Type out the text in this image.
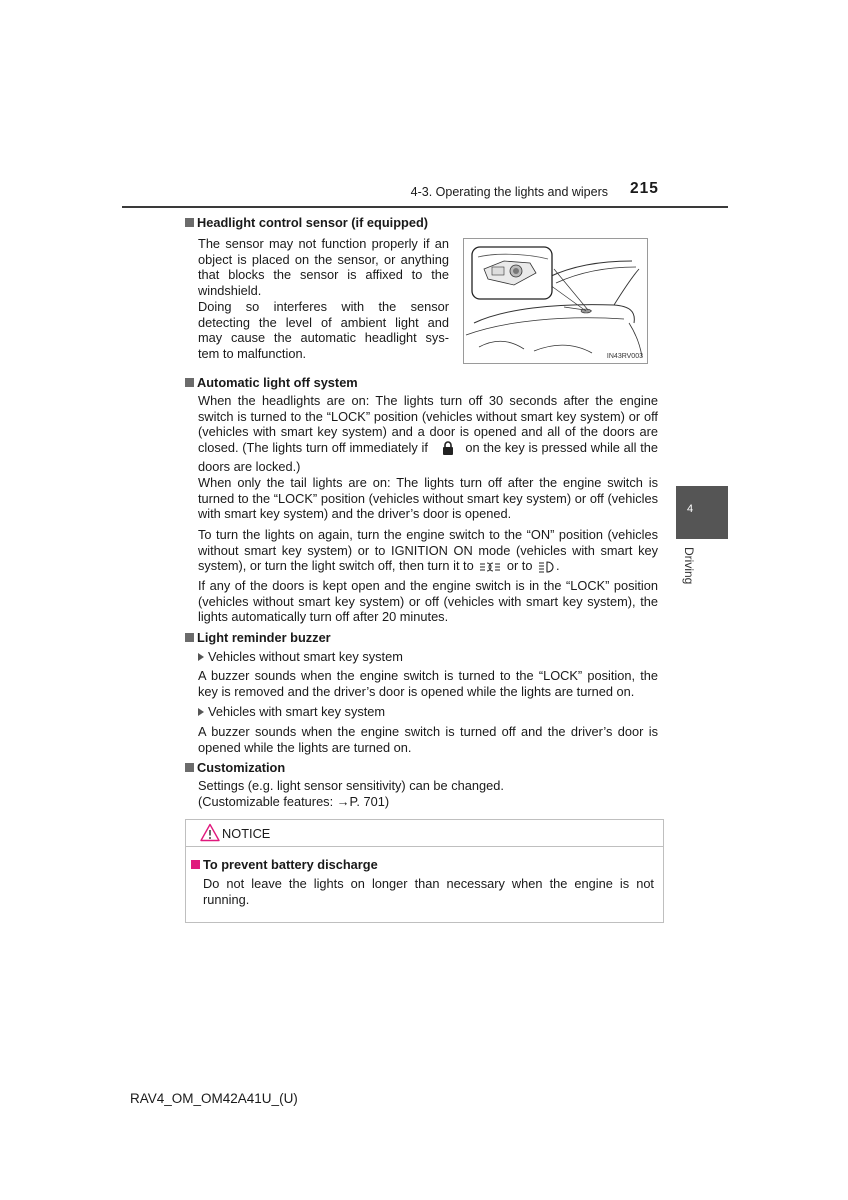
4-3. Operating the lights and wipers 215
4
Driving
Headlight control sensor (if equipped)
The sensor may not function properly if an
object is placed on the sensor, or anything
that blocks the sensor is affixed to the
windshield.
Doing so interferes with the sensor
detecting the level of ambient light and
may cause the automatic headlight sys-
tem to malfunction.	IN43RV003
Automatic light off system
When the headlights are on: The lights turn off 30 seconds after the engine switch is turned to the “LOCK” position (vehicles without smart key system) or off (vehicles with smart key system) and a door is opened and all of the doors are closed. (The lights turn off immediately if	on the key is pressed while all the doors are locked.)
When only the tail lights are on: The lights turn off after the engine switch is turned to the “LOCK” position (vehicles without smart key system) or off (vehicles with smart key system) and the driver’s door is opened.
To turn the lights on again, turn the engine switch to the “ON” position (vehicles without smart key system) or to IGNITION ON mode (vehicles with smart key system), or turn the light switch off, then turn it to	or to .
If any of the doors is kept open and the engine switch is in the “LOCK” position (vehicles without smart key system) or off (vehicles with smart key system), the lights automatically turn off after 20 minutes.
Light reminder buzzer
Vehicles without smart key system
A buzzer sounds when the engine switch is turned to the “LOCK” position, the key is removed and the driver’s door is opened while the lights are turned on.
Vehicles with smart key system
A buzzer sounds when the engine switch is turned off and the driver’s door is opened while the lights are turned on.
Customization
Settings (e.g. light sensor sensitivity) can be changed.
(Customizable features: →P. 701)
NOTICE
To prevent battery discharge
Do not leave the lights on longer than necessary when the engine is not running.
RAV4_OM_OM42A41U_(U)
